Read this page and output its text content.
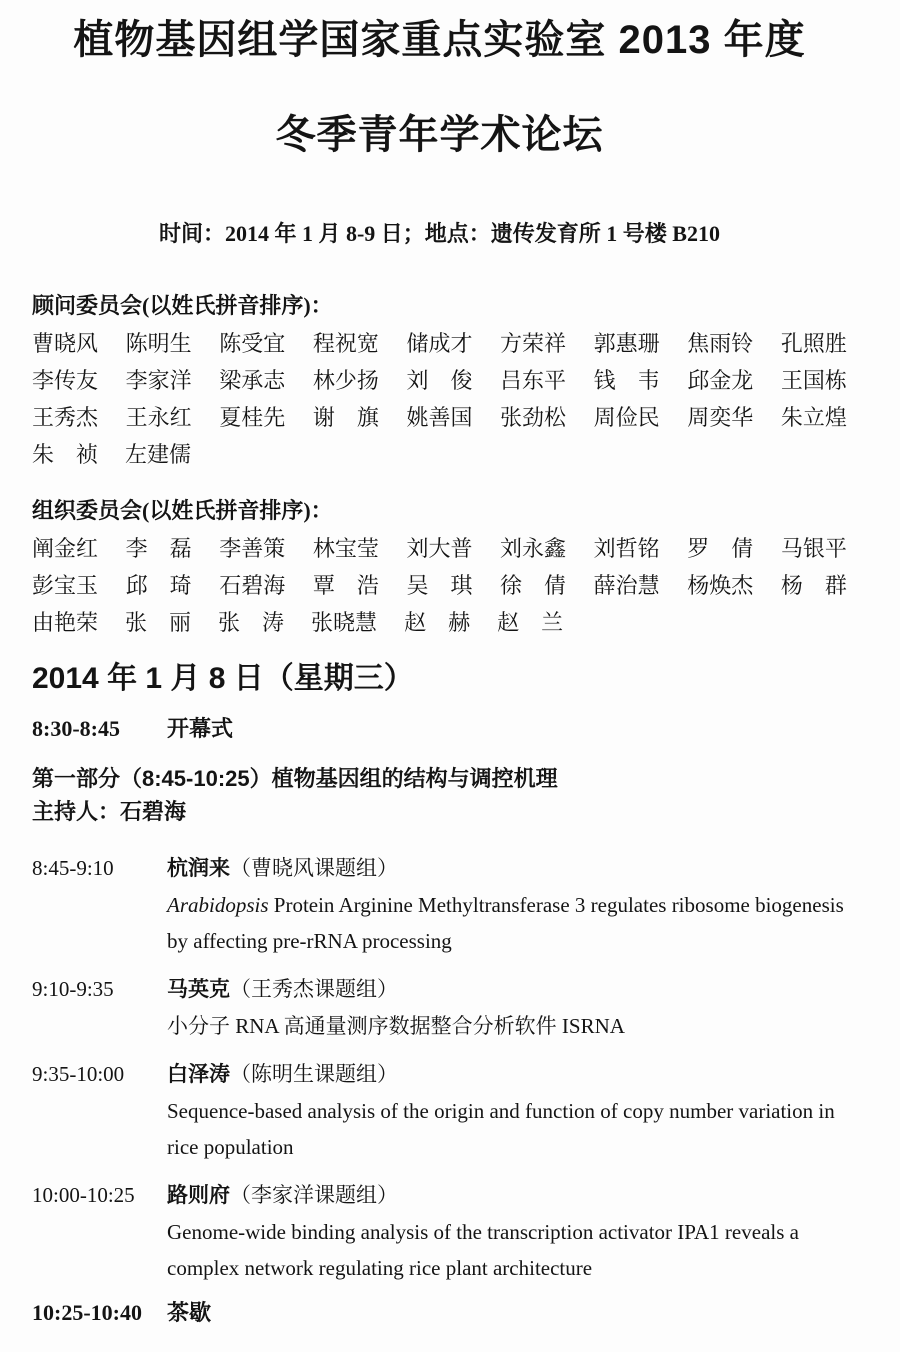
植物基因组学国家重点实验室 2013 年度
冬季青年学术论坛
时间：2014 年 1 月 8-9 日；地点：遗传发育所 1 号楼 B210
顾问委员会(以姓氏拼音排序)：
曹晓风 陈明生 陈受宜 程祝宽 储成才 方荣祥 郭惠珊 焦雨铃 孔照胜
李传友 李家洋 梁承志 林少扬 刘　俊 吕东平 钱　韦 邱金龙 王国栋
王秀杰 王永红 夏桂先 谢　旗 姚善国 张劲松 周俭民 周奕华 朱立煌
朱　祯 左建儒
组织委员会(以姓氏拼音排序)：
阐金红 李　磊 李善策 林宝莹 刘大普 刘永鑫 刘哲铭 罗　倩 马银平
彭宝玉 邱　琦 石碧海 覃　浩 吴　琪 徐　倩 薛治慧 杨焕杰 杨　群
由艳荣 张　丽 张　涛 张晓慧 赵　赫 赵　兰
2014 年 1 月 8 日（星期三）
8:30-8:45	开幕式
第一部分（8:45-10:25）植物基因组的结构与调控机理
主持人：石碧海
8:45-9:10	杭润来（曹晓风课题组）
Arabidopsis Protein Arginine Methyltransferase 3 regulates ribosome biogenesis by affecting pre-rRNA processing
9:10-9:35	马英克（王秀杰课题组）
小分子 RNA 高通量测序数据整合分析软件 ISRNA
9:35-10:00	白泽涛（陈明生课题组）
Sequence-based analysis of the origin and function of copy number variation in rice population
10:00-10:25	路则府（李家洋课题组）
Genome-wide binding analysis of the transcription activator IPA1 reveals a complex network regulating rice plant architecture
10:25-10:40	茶歇
